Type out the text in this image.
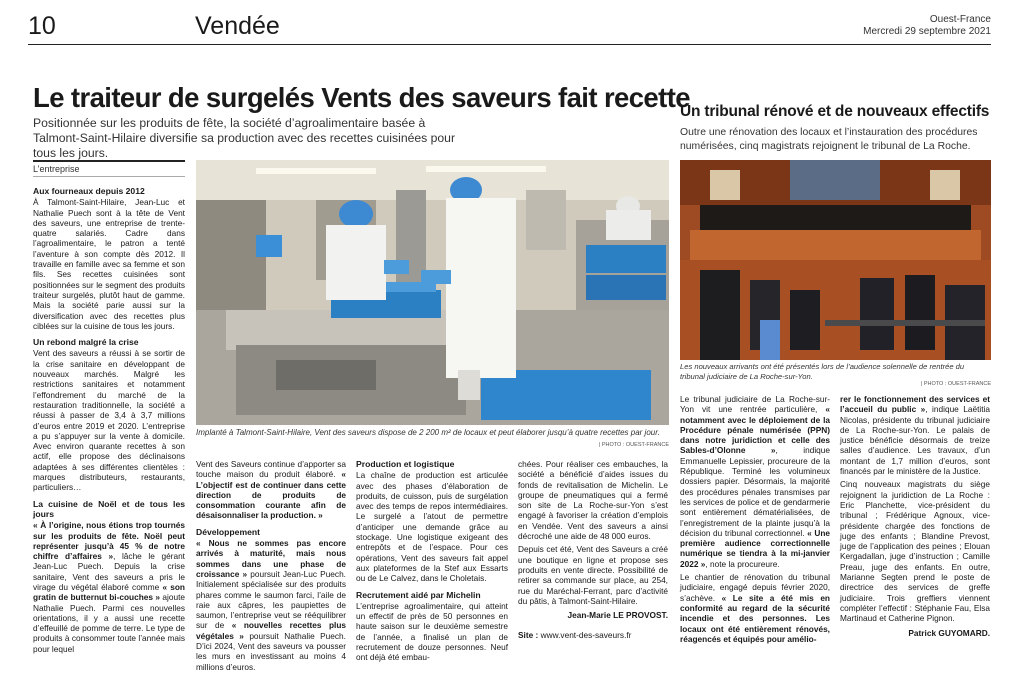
10	Vendée	Ouest-France
Mercredi 29 septembre 2021
Le traiteur de surgelés Vents des saveurs fait recette

Positionnée sur les produits de fête, la société d’agroalimentaire basée à Talmont-Saint-Hilaire diversifie sa production avec des recettes cuisinées pour tous les jours.

L’entreprise
Aux fourneaux depuis 2012

À Talmont-Saint-Hilaire, Jean-Luc et Nathalie Puech sont à la tête de Vent des saveurs, une entreprise de trente-quatre salariés. Cadre dans l’agroalimentaire, le patron a tenté l’aventure à son compte dès 2012. Il travaille en famille avec sa femme et son fils. Ses recettes cuisinées sont positionnées sur le segment des produits traiteur surgelés, plutôt haut de gamme. Mais la société parie aussi sur la diversification avec des recettes plus ciblées sur la cuisine de tous les jours.

Un rebond malgré la crise

Vent des saveurs a réussi à se sortir de la crise sanitaire en développant de nouveaux marchés. Malgré les restrictions sanitaires et notamment l’effondrement du marché de la restauration traditionnelle, la société a réussi à passer de 3,4 à 3,7 millions d’euros entre 2019 et 2020. L’entreprise a pu s’appuyer sur la vente à domicile. Avec environ quarante recettes à son actif, elle propose des déclinaisons adaptées à ses différentes clientèles : marques distributeurs, restaurants, particuliers…

La cuisine de Noël et de tous les jours

« À l’origine, nous étions trop tournés sur les produits de fête. Noël peut représenter jusqu’à 45 % de notre chiffre d’affaires », lâche le gérant Jean-Luc Puech. Depuis la crise sanitaire, Vent des saveurs a pris le virage du végétal élaboré comme « son gratin de butternut bi-couches » ajoute Nathalie Puech. Parmi ces nouvelles orientations, il y a aussi une recette d’effeuillé de pomme de terre. Le type de produits à consommer toute l’année mais pour lequel

Implanté à Talmont-Saint-Hilaire, Vent des saveurs dispose de 2 200 m² de locaux et peut élaborer jusqu’à quatre recettes par jour.
| PHOTO : OUEST-FRANCE

Vent des Saveurs continue d’apporter sa touche maison du produit élaboré. « L’objectif est de continuer dans cette direction de produits de consommation courante afin de désaisonnaliser la production. »

Développement

« Nous ne sommes pas encore arrivés à maturité, mais nous sommes dans une phase de croissance » poursuit Jean-Luc Puech. Initialement spécialisée sur des produits phares comme le saumon farci, l’aile de raie aux câpres, les paupiettes de saumon, l’entreprise veut se rééquilibrer sur de « nouvelles recettes plus végétales » poursuit Nathalie Puech. D’ici 2024, Vent des saveurs va pousser les murs en investissant au moins 4 millions d’euros.

Production et logistique

La chaîne de production est articulée avec des phases d’élaboration de produits, de cuisson, puis de surgélation avec des temps de repos intermédiaires. Le surgelé a l’atout de permettre d’anticiper une demande grâce au stockage. Une logistique exigeant des entrepôts et de l’espace. Pour ces opérations, Vent des saveurs fait appel aux plateformes de la Stef aux Essarts ou de Le Calvez, dans le Choletais.

Recrutement aidé par Michelin

L’entreprise agroalimentaire, qui atteint un effectif de près de 50 personnes en haute saison sur le deuxième semestre de l’année, a finalisé un plan de recrutement de douze personnes. Neuf ont déjà été embau-

chées. Pour réaliser ces embauches, la société a bénéficié d’aides issues du fonds de revitalisation de Michelin. Le groupe de pneumatiques qui a fermé son site de La Roche-sur-Yon s’est engagé à favoriser la création d’emplois en Vendée. Vent des saveurs a ainsi décroché une aide de 48 000 euros.

Depuis cet été, Vent des Saveurs a créé une boutique en ligne et propose ses produits en vente directe. Possibilité de retirer sa commande sur place, au 254, rue du Maréchal-Ferrant, parc d’activité du pâtis, à Talmont-Saint-Hilaire.

Jean-Marie LE PROVOST.

Site : www.vent-des-saveurs.fr

Un tribunal rénové et de nouveaux effectifs

Outre une rénovation des locaux et l’instauration des procédures numérisées, cinq magistrats rejoignent le tribunal de La Roche.

Les nouveaux arrivants ont été présentés lors de l’audience solennelle de rentrée du tribunal judiciaire de La Roche-sur-Yon.
| PHOTO : OUEST-FRANCE

Le tribunal judiciaire de La Roche-sur-Yon vit une rentrée particulière, « notamment avec le déploiement de la Procédure pénale numérisée (PPN) dans notre juridiction et celle des Sables-d’Olonne », indique Emmanuelle Lepissier, procureure de la République. Terminé les volumineux dossiers papier. Désormais, la majorité des procédures pénales transmises par les services de police et de gendarmerie sont entièrement dématérialisées, de l’enregistrement de la plainte jusqu’à la décision du tribunal correctionnel. « Une première audience correctionnelle numérique se tiendra à la mi-janvier 2022 », note la procureure.

Le chantier de rénovation du tribunal judiciaire, engagé depuis février 2020, s’achève. « Le site a été mis en conformité au regard de la sécurité incendie et des personnes. Les locaux ont été entièrement rénovés, réagencés et équipés pour amélio-

rer le fonctionnement des services et l’accueil du public », indique Laëtitia Nicolas, présidente du tribunal judiciaire de La Roche-sur-Yon. Le palais de justice bénéficie désormais de treize salles d’audience. Les travaux, d’un montant de 1,7 million d’euros, sont financés par le ministère de la Justice.

Cinq nouveaux magistrats du siège rejoignent la juridiction de La Roche : Eric Planchette, vice-président du tribunal ; Frédérique Agnoux, vice-présidente chargée des fonctions de juge des enfants ; Blandine Prevost, juge de l’application des peines ; Elouan Kergadallan, juge d’instruction ; Camille Preau, juge des enfants. En outre, Marianne Segten prend le poste de directrice des services de greffe judiciaire. Trois greffiers viennent compléter l’effectif : Stéphanie Fau, Elsa Martinaud et Catherine Pignon.

Patrick GUYOMARD.
